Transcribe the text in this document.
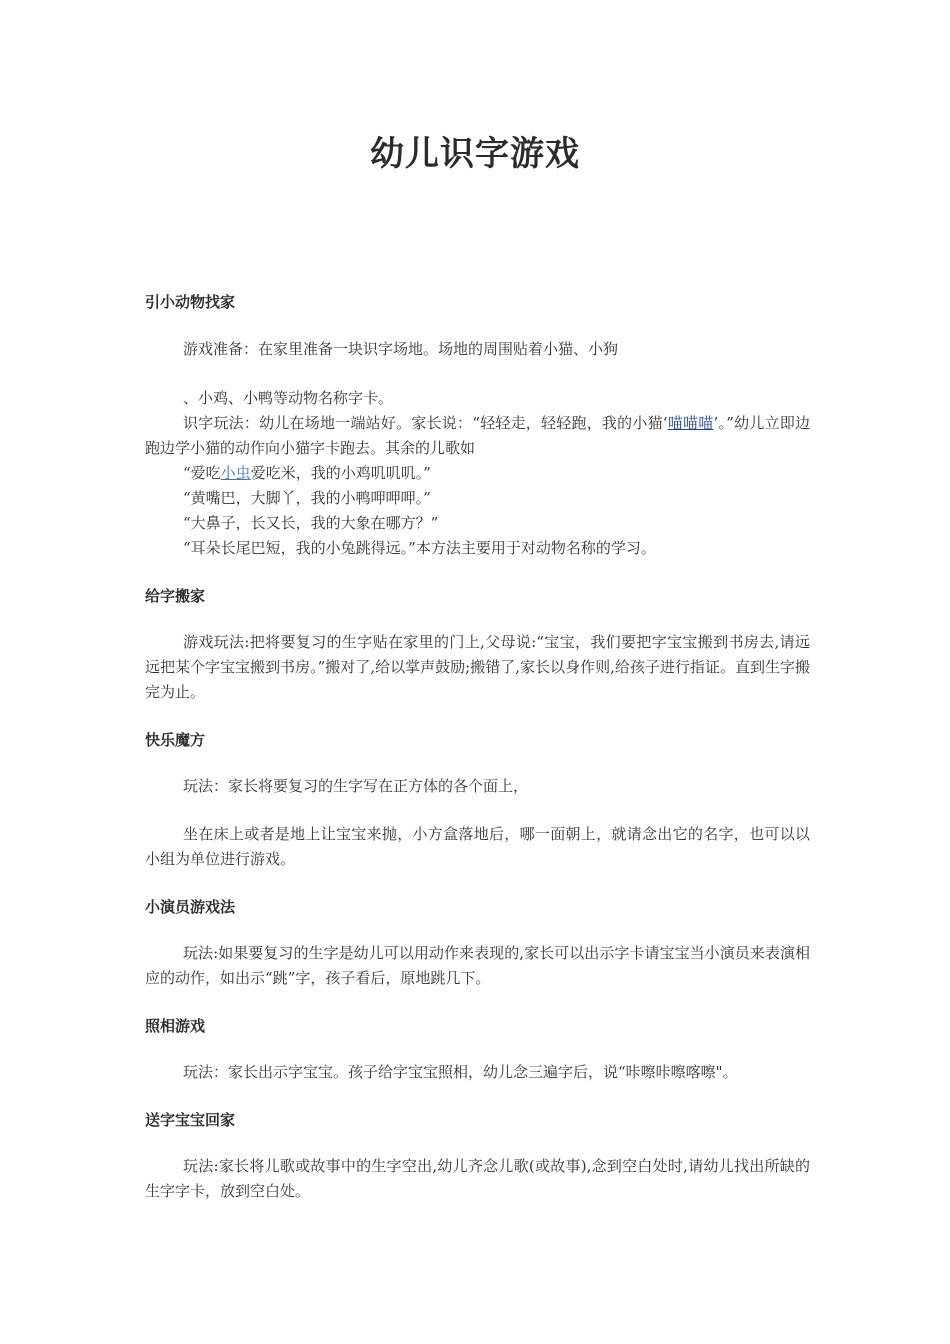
幼儿识字游戏
引小动物找家

游戏准备：在家里准备一块识字场地。场地的周围贴着小猫、小狗

、小鸡、小鸭等动物名称字卡。

识字玩法：幼儿在场地一端站好。家长说：“轻轻走，轻轻跑，我的小猫‘喵喵喵’。”幼儿立即边跑边学小猫的动作向小猫字卡跑去。其余的儿歌如

“爱吃小虫爱吃米，我的小鸡叽叽叽。”

“黄嘴巴，大脚丫，我的小鸭呷呷呷。”

“大鼻子，长又长，我的大象在哪方？”

“耳朵长尾巴短，我的小兔跳得远。”本方法主要用于对动物名称的学习。

给字搬家

游戏玩法:把将要复习的生字贴在家里的门上,父母说:“宝宝，我们要把字宝宝搬到书房去,请远远把某个字宝宝搬到书房。”搬对了,给以掌声鼓励;搬错了,家长以身作则,给孩子进行指证。直到生字搬完为止。

快乐魔方

玩法：家长将要复习的生字写在正方体的各个面上，

坐在床上或者是地上让宝宝来抛，小方盒落地后，哪一面朝上，就请念出它的名字，也可以以小组为单位进行游戏。

小演员游戏法

玩法:如果要复习的生字是幼儿可以用动作来表现的,家长可以出示字卡请宝宝当小演员来表演相应的动作，如出示“跳”字，孩子看后，原地跳几下。

照相游戏

玩法：家长出示字宝宝。孩子给字宝宝照相，幼儿念三遍字后，说“咔嚓咔嚓喀嚓"。

送字宝宝回家

玩法:家长将儿歌或故事中的生字空出,幼儿齐念儿歌(或故事),念到空白处时,请幼儿找出所缺的生字字卡，放到空白处。
